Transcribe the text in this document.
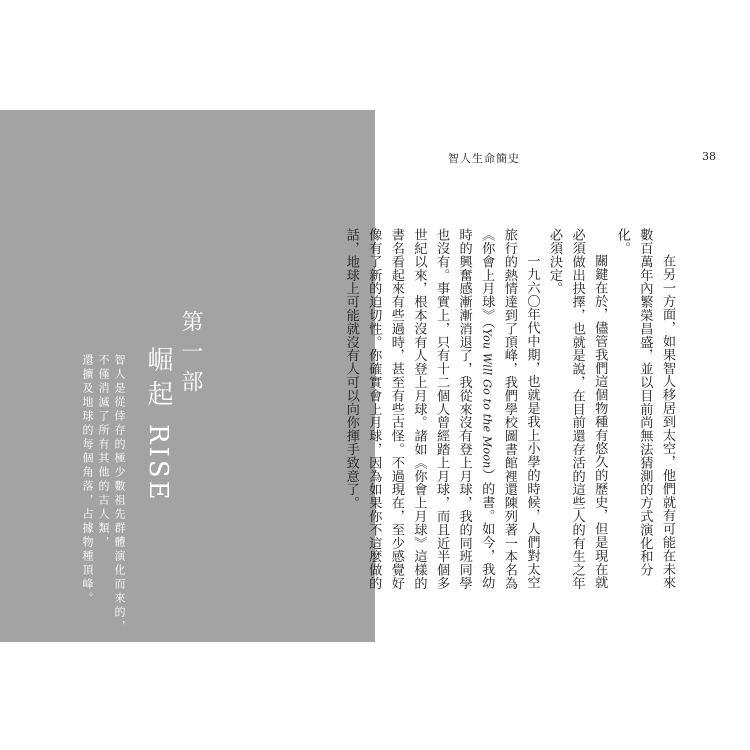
第一部
崛起RISE
智人是從倖存的極少數祖先群體演化而來的，
不僅消滅了所有其他的古人類，
還擴及地球的每個角落，占據物種頂峰。
智人生命簡史	38

在另一方面，如果智人移居到太空，他們就有可能在未來數百萬年內繁榮昌盛，並以目前尚無法猜測的方式演化和分化。

關鍵在於，儘管我們這個物種有悠久的歷史，但是現在就必須做出抉擇，也就是說，在目前還存活的這些人的有生之年必須決定。

一九六〇年代中期，也就是我上小學的時候，人們對太空旅行的熱情達到了頂峰，我們學校圖書館裡還陳列著一本名為《你會上月球》（You Will Go to the Moon）的書。如今，我幼時的興奮感漸漸消退了，我從來沒有登上月球，我的同班同學也沒有。事實上，只有十二個人曾經踏上月球，而且近半個多世紀以來，根本沒有人登上月球。諸如《你會上月球》這樣的書名看起來有些過時，甚至有些古怪。不過現在，至少感覺好像有了新的迫切性。你確實會上月球，因為如果你不這麼做的話，地球上可能就沒有人可以向你揮手致意了。
